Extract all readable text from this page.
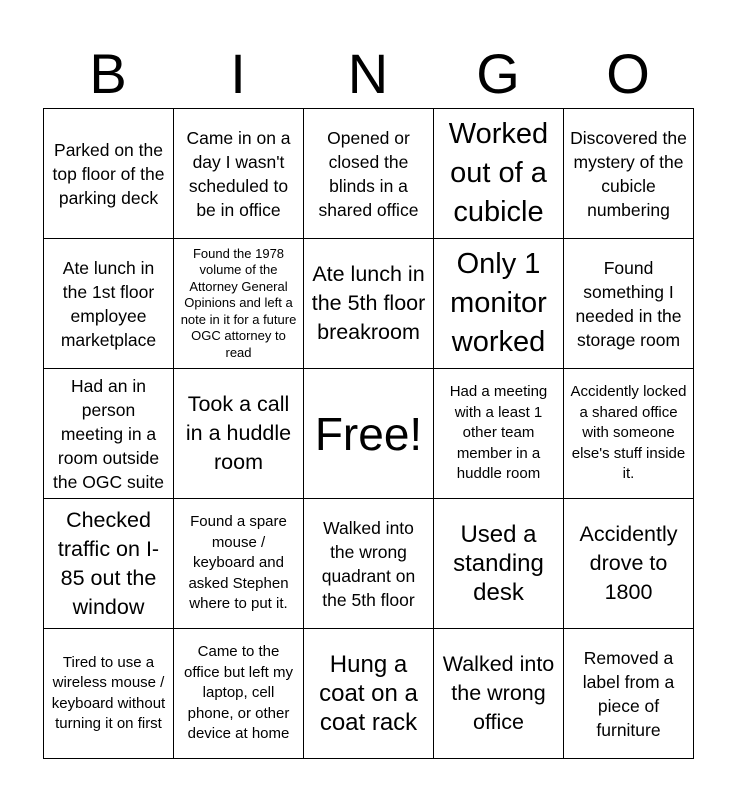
B	I	N	G	O
Parked on the top floor of the parking deck
Came in on a day I wasn't scheduled to be in office
Opened or closed the blinds in a shared office
Worked out of a cubicle
Discovered the mystery of the cubicle numbering
Ate lunch in the 1st floor employee marketplace
Found the 1978 volume of the Attorney General Opinions and left a note in it for a future OGC attorney to read
Ate lunch in the 5th floor breakroom
Only 1 monitor worked
Found something I needed in the storage room
Had an in person meeting in a room outside the OGC suite
Took a call in a huddle room
Free!
Had a meeting with a least 1 other team member in a huddle room
Accidently locked a shared office with someone else's stuff inside it.
Checked traffic on I-85 out the window
Found a spare mouse / keyboard and asked Stephen where to put it.
Walked into the wrong quadrant on the 5th floor
Used a standing desk
Accidently drove to 1800
Tired to use a wireless mouse / keyboard without turning it on first
Came to the office but left my laptop, cell phone, or other device at home
Hung a coat on a coat rack
Walked into the wrong office
Removed a label from a piece of furniture
